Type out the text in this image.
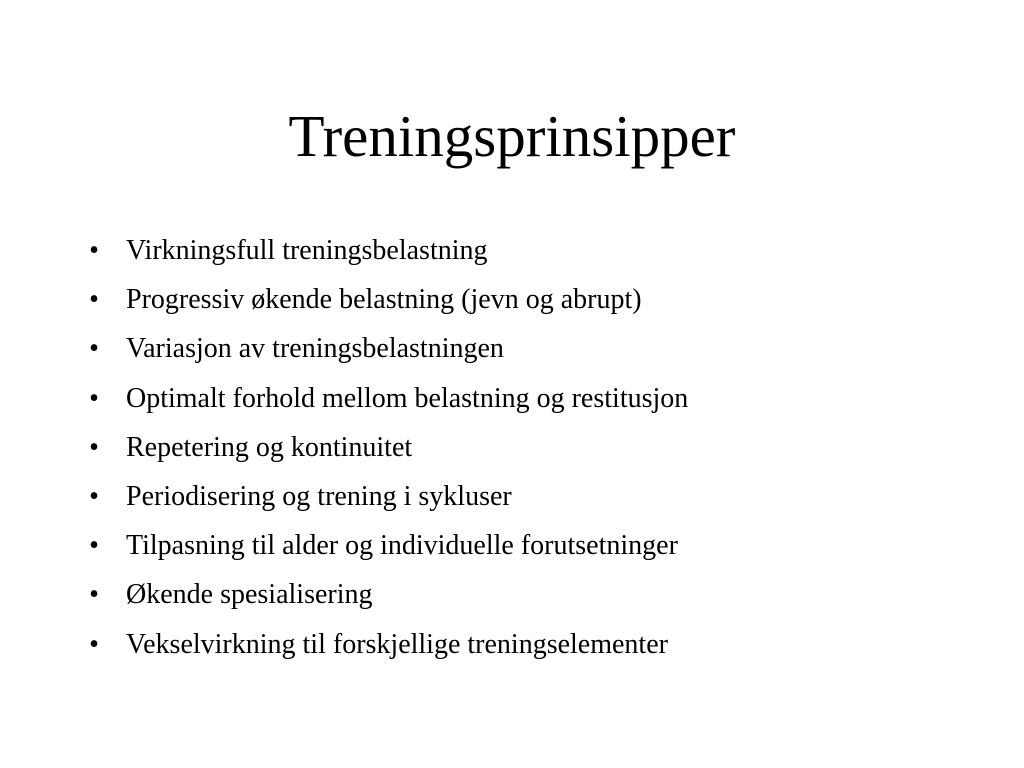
Treningsprinsipper
• Virkningsfull treningsbelastning
• Progressiv økende belastning (jevn og abrupt)
• Variasjon av treningsbelastningen
• Optimalt forhold mellom belastning og restitusjon
• Repetering og kontinuitet
• Periodisering og trening i sykluser
• Tilpasning til alder og individuelle forutsetninger
• Økende spesialisering
• Vekselvirkning til forskjellige treningselementer
